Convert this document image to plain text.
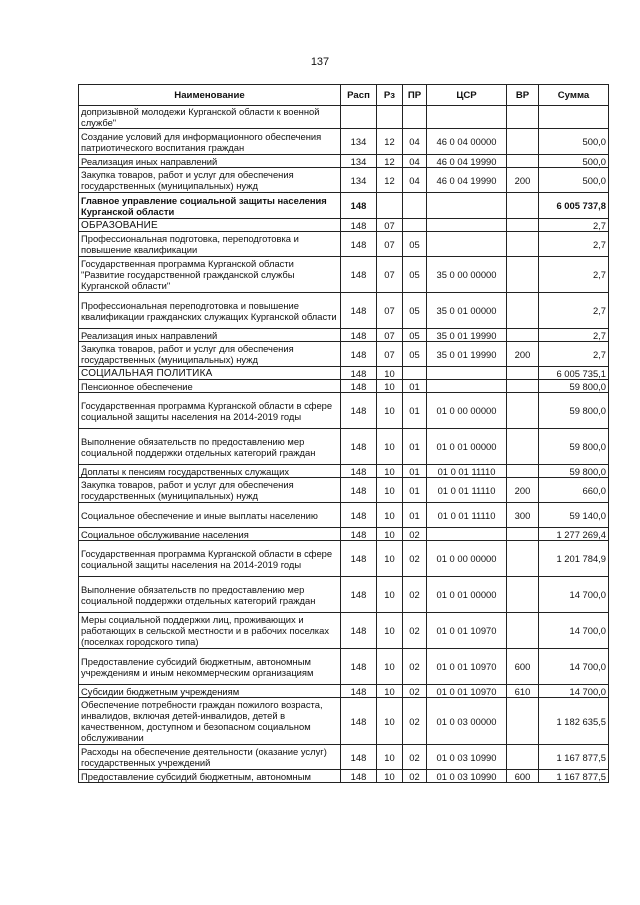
137
Наименование	Расп	Рз	ПР	ЦСР	ВР	Сумма
допризывной молодежи Курганской области к военной службе"						
Создание условий для информационного обеспечения патриотического воспитания граждан	134	12	04	46 0 04 00000		500,0
Реализация иных направлений	134	12	04	46 0 04 19990		500,0
Закупка товаров, работ и услуг для обеспечения государственных (муниципальных) нужд	134	12	04	46 0 04 19990	200	500,0
Главное управление социальной защиты населения Курганской области	148					6 005 737,8
ОБРАЗОВАНИЕ	148	07				2,7
Профессиональная подготовка, переподготовка и повышение квалификации	148	07	05			2,7
Государственная программа Курганской области "Развитие государственной гражданской службы Курганской области"	148	07	05	35 0 00 00000		2,7
Профессиональная переподготовка и повышение квалификации гражданских служащих Курганской области	148	07	05	35 0 01 00000		2,7
Реализация иных направлений	148	07	05	35 0 01 19990		2,7
Закупка товаров, работ и услуг для обеспечения государственных (муниципальных) нужд	148	07	05	35 0 01 19990	200	2,7
СОЦИАЛЬНАЯ ПОЛИТИКА	148	10				6 005 735,1
Пенсионное обеспечение	148	10	01			59 800,0
Государственная программа Курганской области в сфере социальной защиты населения на 2014-2019 годы	148	10	01	01 0 00 00000		59 800,0
Выполнение обязательств по предоставлению мер социальной поддержки отдельных категорий граждан	148	10	01	01 0 01 00000		59 800,0
Доплаты к пенсиям государственных служащих	148	10	01	01 0 01 11110		59 800,0
Закупка товаров, работ и услуг для обеспечения государственных (муниципальных) нужд	148	10	01	01 0 01 11110	200	660,0
Социальное обеспечение и иные выплаты населению	148	10	01	01 0 01 11110	300	59 140,0
Социальное обслуживание населения	148	10	02			1 277 269,4
Государственная программа Курганской области в сфере социальной защиты населения на 2014-2019 годы	148	10	02	01 0 00 00000		1 201 784,9
Выполнение обязательств по предоставлению мер социальной поддержки отдельных категорий граждан	148	10	02	01 0 01 00000		14 700,0
Меры социальной поддержки лиц, проживающих и работающих в сельской местности и в рабочих поселках (поселках городского типа)	148	10	02	01 0 01 10970		14 700,0
Предоставление субсидий бюджетным, автономным учреждениям и иным некоммерческим организациям	148	10	02	01 0 01 10970	600	14 700,0
Субсидии бюджетным учреждениям	148	10	02	01 0 01 10970	610	14 700,0
Обеспечение потребности граждан пожилого возраста, инвалидов, включая детей-инвалидов, детей в качественном, доступном и безопасном социальном обслуживании	148	10	02	01 0 03 00000		1 182 635,5
Расходы на обеспечение деятельности (оказание услуг) государственных учреждений	148	10	02	01 0 03 10990		1 167 877,5
Предоставление субсидий бюджетным, автономным	148	10	02	01 0 03 10990	600	1 167 877,5
